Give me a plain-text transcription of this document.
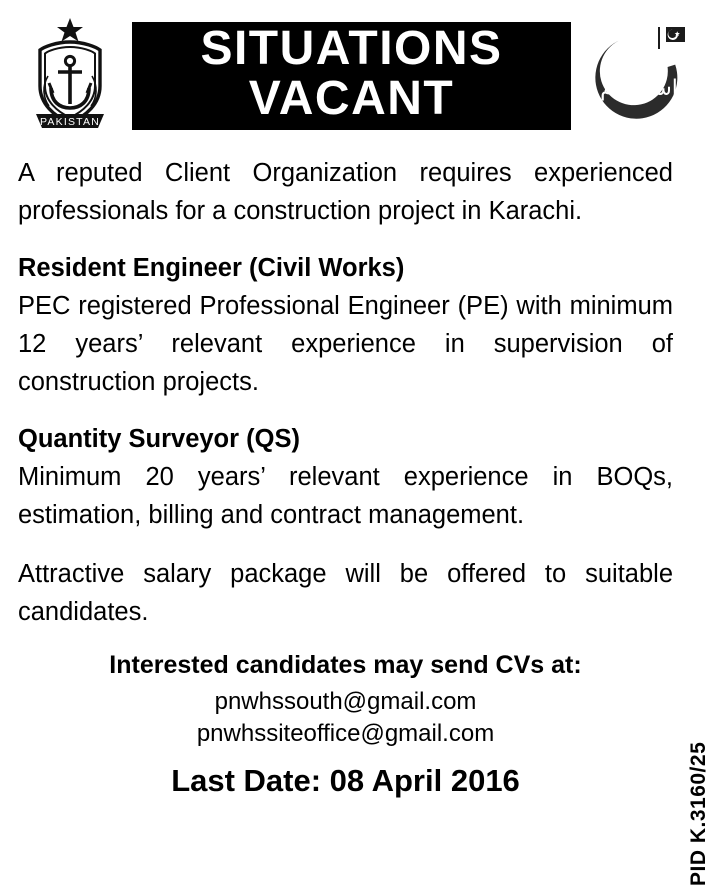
PAKISTAN
SITUATIONS
VACANT
عزم
استحکام

A reputed Client Organization requires experienced professionals for a construction project in Karachi.

Resident Engineer (Civil Works)

PEC registered Professional Engineer (PE) with minimum 12 years’ relevant experience in supervision of construction projects.

Quantity Surveyor (QS)

Minimum 20 years’ relevant experience in BOQs, estimation, billing and contract management.

Attractive salary package will be offered to suitable candidates.

Interested candidates may send CVs at:
pnwhssouth@gmail.com
pnwhssiteoffice@gmail.com
Last Date: 08 April 2016	PID K.3160/25
